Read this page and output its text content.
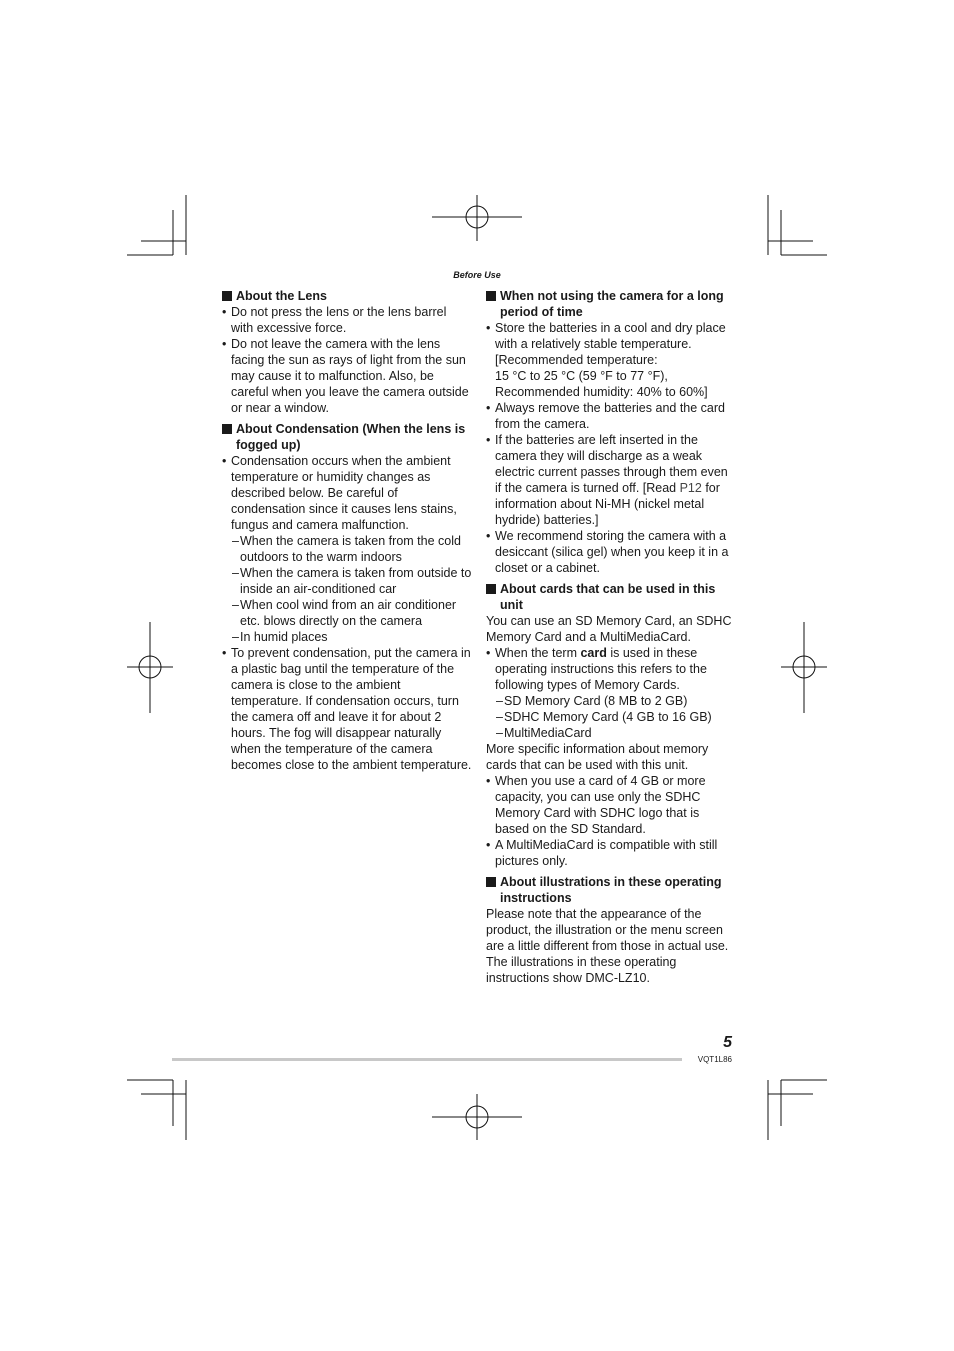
Before Use

About the Lens

• Do not press the lens or the lens barrel with excessive force.

• Do not leave the camera with the lens facing the sun as rays of light from the sun may cause it to malfunction. Also, be careful when you leave the camera outside or near a window.

About Condensation (When the lens is fogged up)

• Condensation occurs when the ambient temperature or humidity changes as described below. Be careful of condensation since it causes lens stains, fungus and camera malfunction.

– When the camera is taken from the cold outdoors to the warm indoors

– When the camera is taken from outside to inside an air-conditioned car

– When cool wind from an air conditioner etc. blows directly on the camera

– In humid places

• To prevent condensation, put the camera in a plastic bag until the temperature of the camera is close to the ambient temperature. If condensation occurs, turn the camera off and leave it for about 2 hours. The fog will disappear naturally when the temperature of the camera becomes close to the ambient temperature.

When not using the camera for a long period of time

• Store the batteries in a cool and dry place with a relatively stable temperature.
[Recommended temperature:
15 °C to 25 °C (59 °F to 77 °F),
Recommended humidity: 40% to 60%]

• Always remove the batteries and the card from the camera.

• If the batteries are left inserted in the camera they will discharge as a weak electric current passes through them even if the camera is turned off. [Read P12 for information about Ni-MH (nickel metal hydride) batteries.]

• We recommend storing the camera with a desiccant (silica gel) when you keep it in a closet or a cabinet.

About cards that can be used in this unit

You can use an SD Memory Card, an SDHC Memory Card and a MultiMediaCard.

• When the term card is used in these operating instructions this refers to the following types of Memory Cards.

– SD Memory Card (8 MB to 2 GB)

– SDHC Memory Card (4 GB to 16 GB)

– MultiMediaCard

More specific information about memory cards that can be used with this unit.

• When you use a card of 4 GB or more capacity, you can use only the SDHC Memory Card with SDHC logo that is based on the SD Standard.

• A MultiMediaCard is compatible with still pictures only.

About illustrations in these operating instructions

Please note that the appearance of the product, the illustration or the menu screen are a little different from those in actual use.

The illustrations in these operating instructions show DMC-LZ10.

5
VQT1L86
